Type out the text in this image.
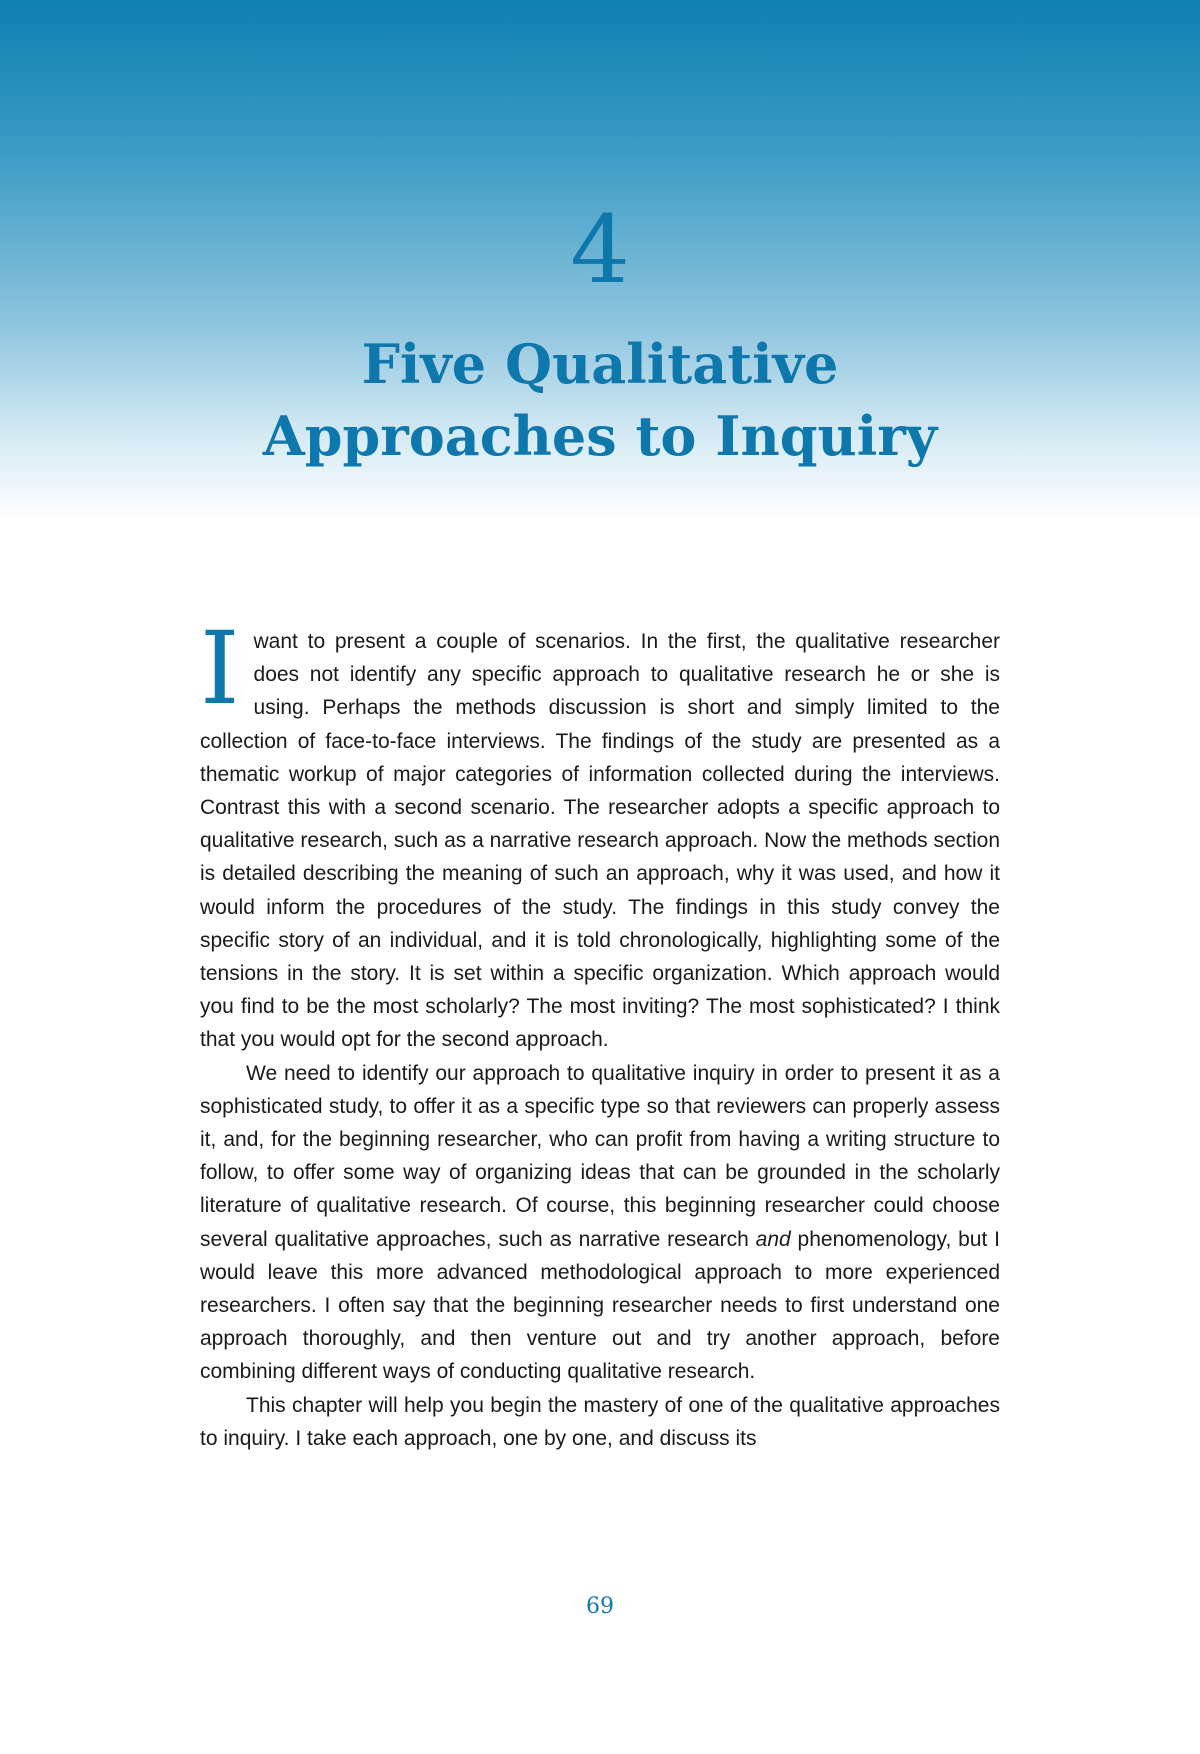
4
Five Qualitative
Approaches to Inquiry

Iwant to present a couple of scenarios. In the first, the qualitative researcher does not identify any specific approach to qualitative research he or she is using. Perhaps the methods discussion is short and simply limited to the collection of face-to-face interviews. The findings of the study are presented as a thematic workup of major categories of information collected during the interviews. Contrast this with a second scenario. The researcher adopts a specific approach to qualitative research, such as a narrative research approach. Now the methods section is detailed describing the meaning of such an approach, why it was used, and how it would inform the procedures of the study. The findings in this study convey the specific story of an individual, and it is told chronologically, highlighting some of the tensions in the story. It is set within a specific organization. Which approach would you find to be the most scholarly? The most inviting? The most sophisticated? I think that you would opt for the second approach.

We need to identify our approach to qualitative inquiry in order to present it as a sophisticated study, to offer it as a specific type so that reviewers can properly assess it, and, for the beginning researcher, who can profit from having a writing structure to follow, to offer some way of organizing ideas that can be grounded in the scholarly literature of qualitative research. Of course, this beginning researcher could choose several qualitative approaches, such as narrative research and phenomenology, but I would leave this more advanced methodological approach to more experienced researchers. I often say that the beginning researcher needs to first understand one approach thoroughly, and then venture out and try another approach, before combining different ways of conducting qualitative research.

This chapter will help you begin the mastery of one of the qualitative approaches to inquiry. I take each approach, one by one, and discuss its

69
